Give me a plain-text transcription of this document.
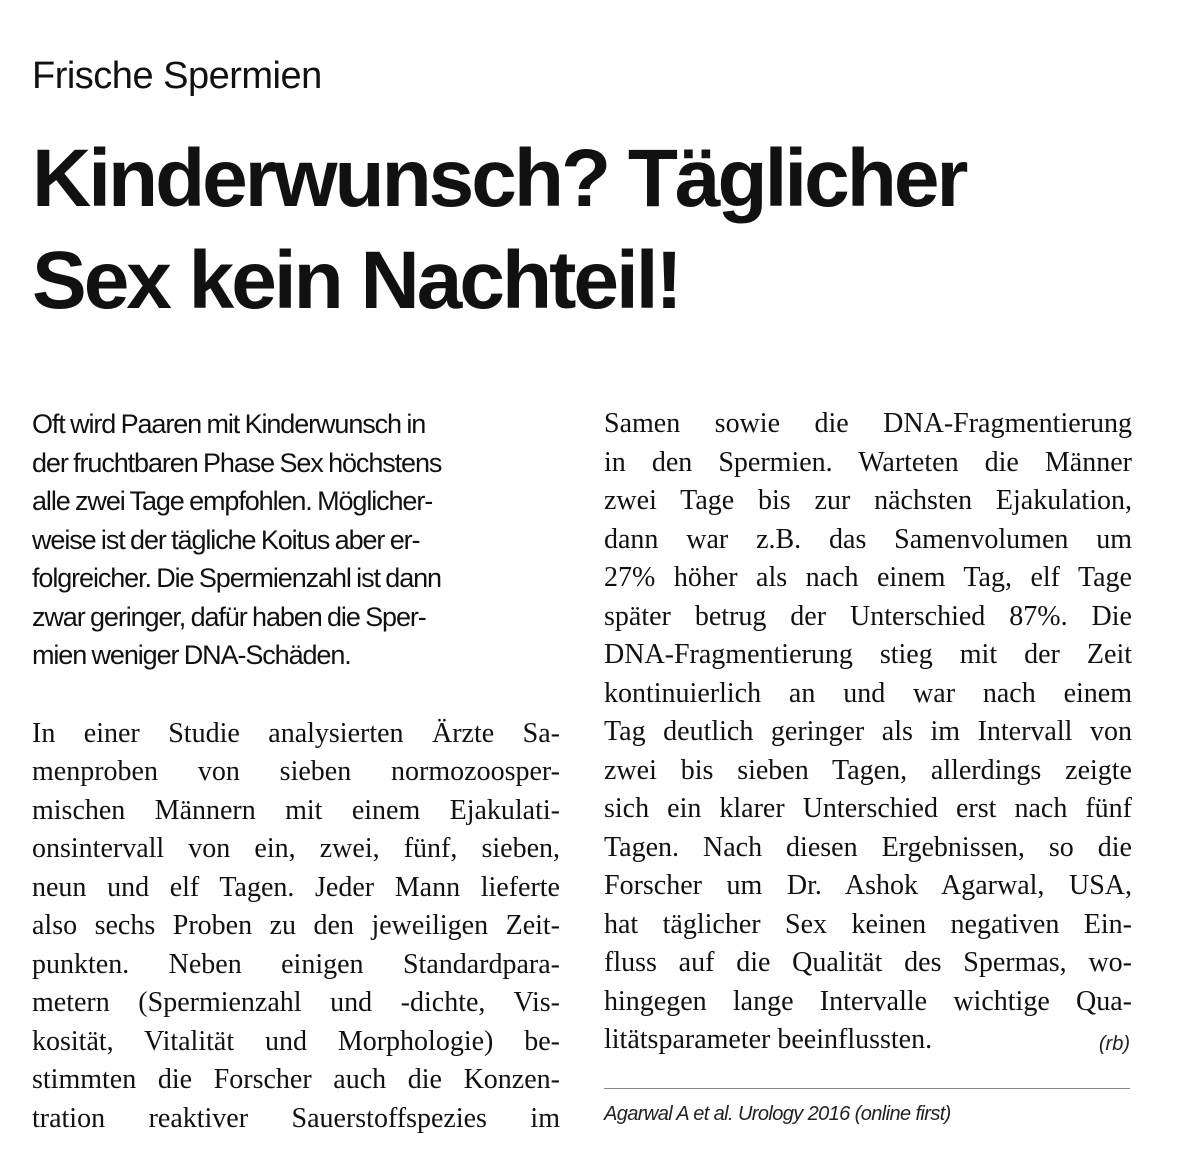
Frische Spermien
Kinderwunsch? Täglicher
Sex kein Nachteil!
Oft wird Paaren mit Kinderwunsch in
der fruchtbaren Phase Sex höchstens
alle zwei Tage empfohlen. Möglicher-
weise ist der tägliche Koitus aber er-
folgreicher. Die Spermienzahl ist dann
zwar geringer, dafür haben die Sper-
mien weniger DNA-Schäden.
In einer Studie analysierten Ärzte Sa-
menproben von sieben normozoosper-
mischen Männern mit einem Ejakulati-
onsintervall von ein, zwei, fünf, sieben,
neun und elf Tagen. Jeder Mann lieferte
also sechs Proben zu den jeweiligen Zeit-
punkten. Neben einigen Standardpara-
metern (Spermienzahl und -dichte, Vis-
kosität, Vitalität und Morphologie) be-
stimmten die Forscher auch die Konzen-
tration reaktiver Sauerstoffspezies im
Samen sowie die DNA-Fragmentierung
in den Spermien. Warteten die Männer
zwei Tage bis zur nächsten Ejakulation,
dann war z.B. das Samenvolumen um
27% höher als nach einem Tag, elf Tage
später betrug der Unterschied 87%. Die
DNA-Fragmentierung stieg mit der Zeit
kontinuierlich an und war nach einem
Tag deutlich geringer als im Intervall von
zwei bis sieben Tagen, allerdings zeigte
sich ein klarer Unterschied erst nach fünf
Tagen. Nach diesen Ergebnissen, so die
Forscher um Dr. Ashok Agarwal, USA,
hat täglicher Sex keinen negativen Ein-
fluss auf die Qualität des Spermas, wo-
hingegen lange Intervalle wichtige Qua-
litätsparameter beeinflussten.	(rb)
Agarwal A et al. Urology 2016 (online first)
